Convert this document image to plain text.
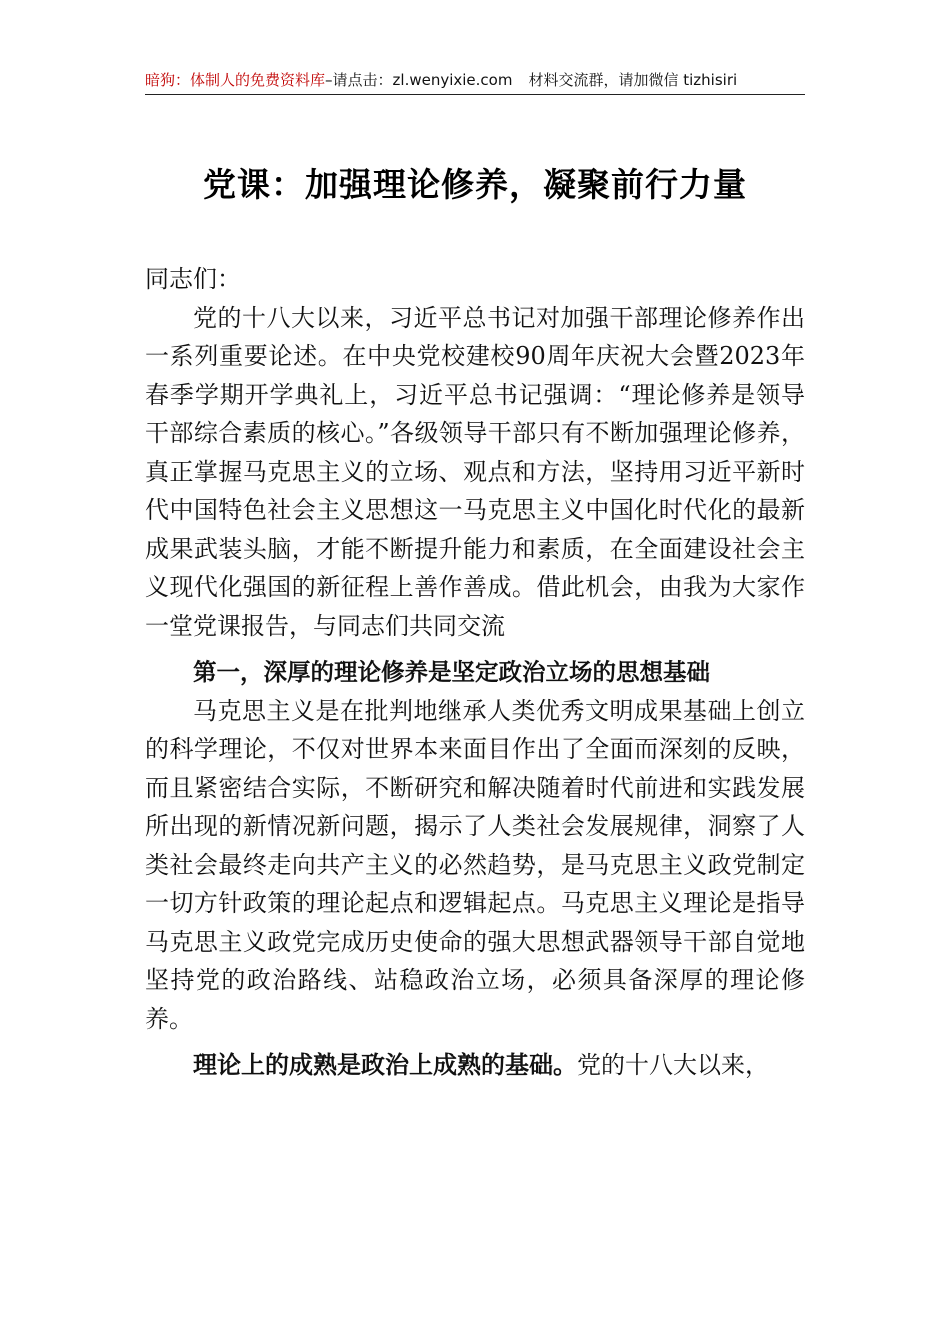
暗狗：体制人的免费资料库–请点击：zl.wenyixie.com 材料交流群，请加微信 tizhisiri
党课：加强理论修养，凝聚前行力量

同志们：

党的十八大以来，习近平总书记对加强干部理论修养作出一系列重要论述。在中央党校建校90周年庆祝大会暨2023年春季学期开学典礼上，习近平总书记强调：“理论修养是领导干部综合素质的核心。”各级领导干部只有不断加强理论修养，真正掌握马克思主义的立场、观点和方法，坚持用习近平新时代中国特色社会主义思想这一马克思主义中国化时代化的最新成果武装头脑，才能不断提升能力和素质，在全面建设社会主义现代化强国的新征程上善作善成。借此机会，由我为大家作一堂党课报告，与同志们共同交流

第一，深厚的理论修养是坚定政治立场的思想基础

马克思主义是在批判地继承人类优秀文明成果基础上创立的科学理论，不仅对世界本来面目作出了全面而深刻的反映，而且紧密结合实际，不断研究和解决随着时代前进和实践发展所出现的新情况新问题，揭示了人类社会发展规律，洞察了人类社会最终走向共产主义的必然趋势，是马克思主义政党制定一切方针政策的理论起点和逻辑起点。马克思主义理论是指导马克思主义政党完成历史使命的强大思想武器领导干部自觉地坚持党的政治路线、站稳政治立场，必须具备深厚的理论修养。

理论上的成熟是政治上成熟的基础。党的十八大以来，
